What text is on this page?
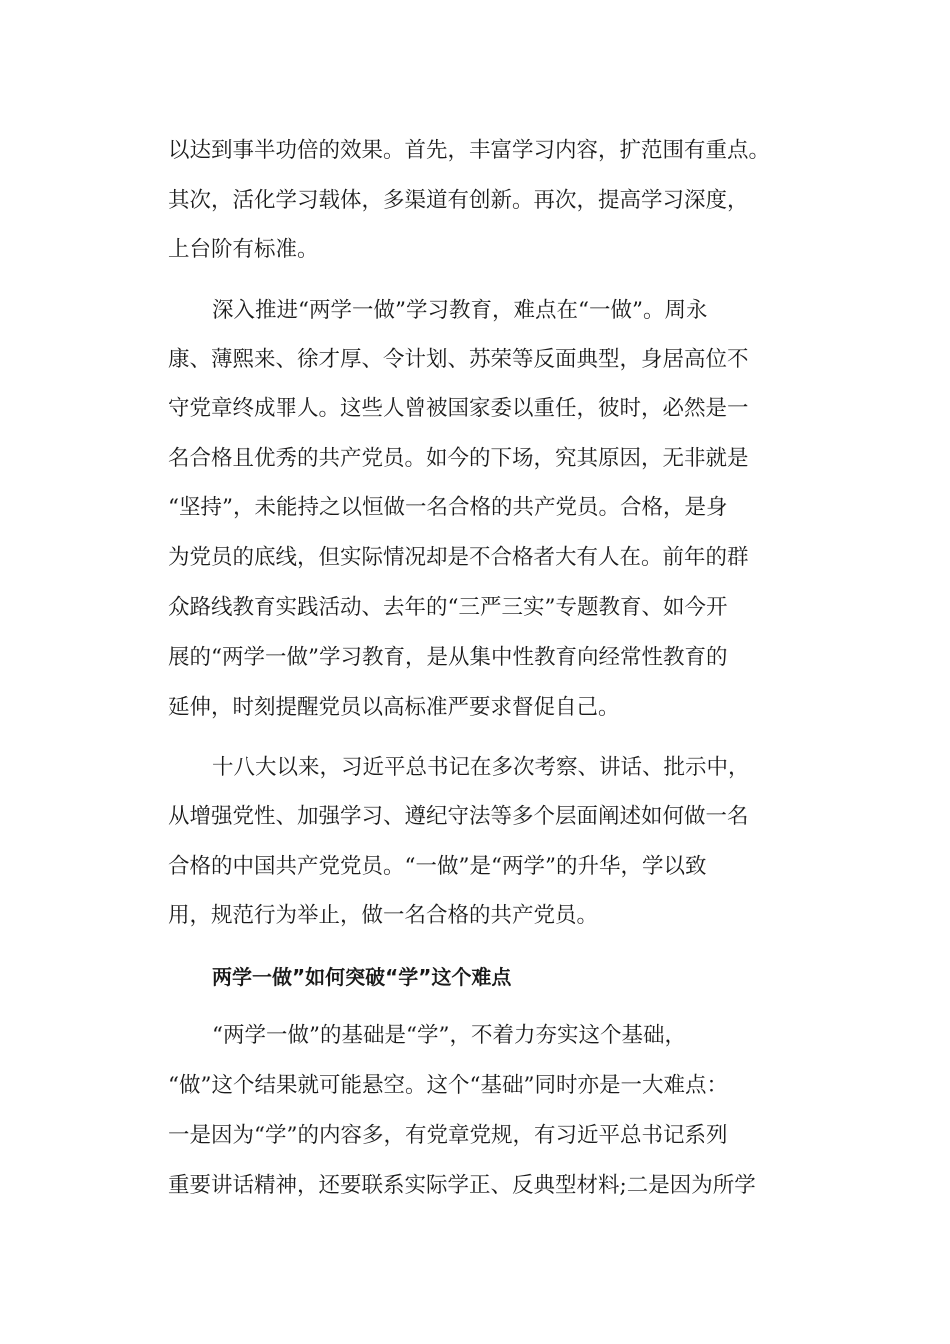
以达到事半功倍的效果。首先，丰富学习内容，扩范围有重点。

其次，活化学习载体，多渠道有创新。再次，提高学习深度，

上台阶有标准。

深入推进“两学一做”学习教育，难点在“一做”。周永

康、薄熙来、徐才厚、令计划、苏荣等反面典型，身居高位不

守党章终成罪人。这些人曾被国家委以重任，彼时，必然是一

名合格且优秀的共产党员。如今的下场，究其原因，无非就是

“坚持”，未能持之以恒做一名合格的共产党员。合格，是身

为党员的底线，但实际情况却是不合格者大有人在。前年的群

众路线教育实践活动、去年的“三严三实”专题教育、如今开

展的“两学一做”学习教育，是从集中性教育向经常性教育的

延伸，时刻提醒党员以高标准严要求督促自己。

十八大以来，习近平总书记在多次考察、讲话、批示中，

从增强党性、加强学习、遵纪守法等多个层面阐述如何做一名

合格的中国共产党党员。“一做”是“两学”的升华，学以致

用，规范行为举止，做一名合格的共产党员。

两学一做”如何突破“学”这个难点

“两学一做”的基础是“学”，不着力夯实这个基础，

“做”这个结果就可能悬空。这个“基础”同时亦是一大难点：

一是因为“学”的内容多，有党章党规，有习近平总书记系列

重要讲话精神，还要联系实际学正、反典型材料;二是因为所学
